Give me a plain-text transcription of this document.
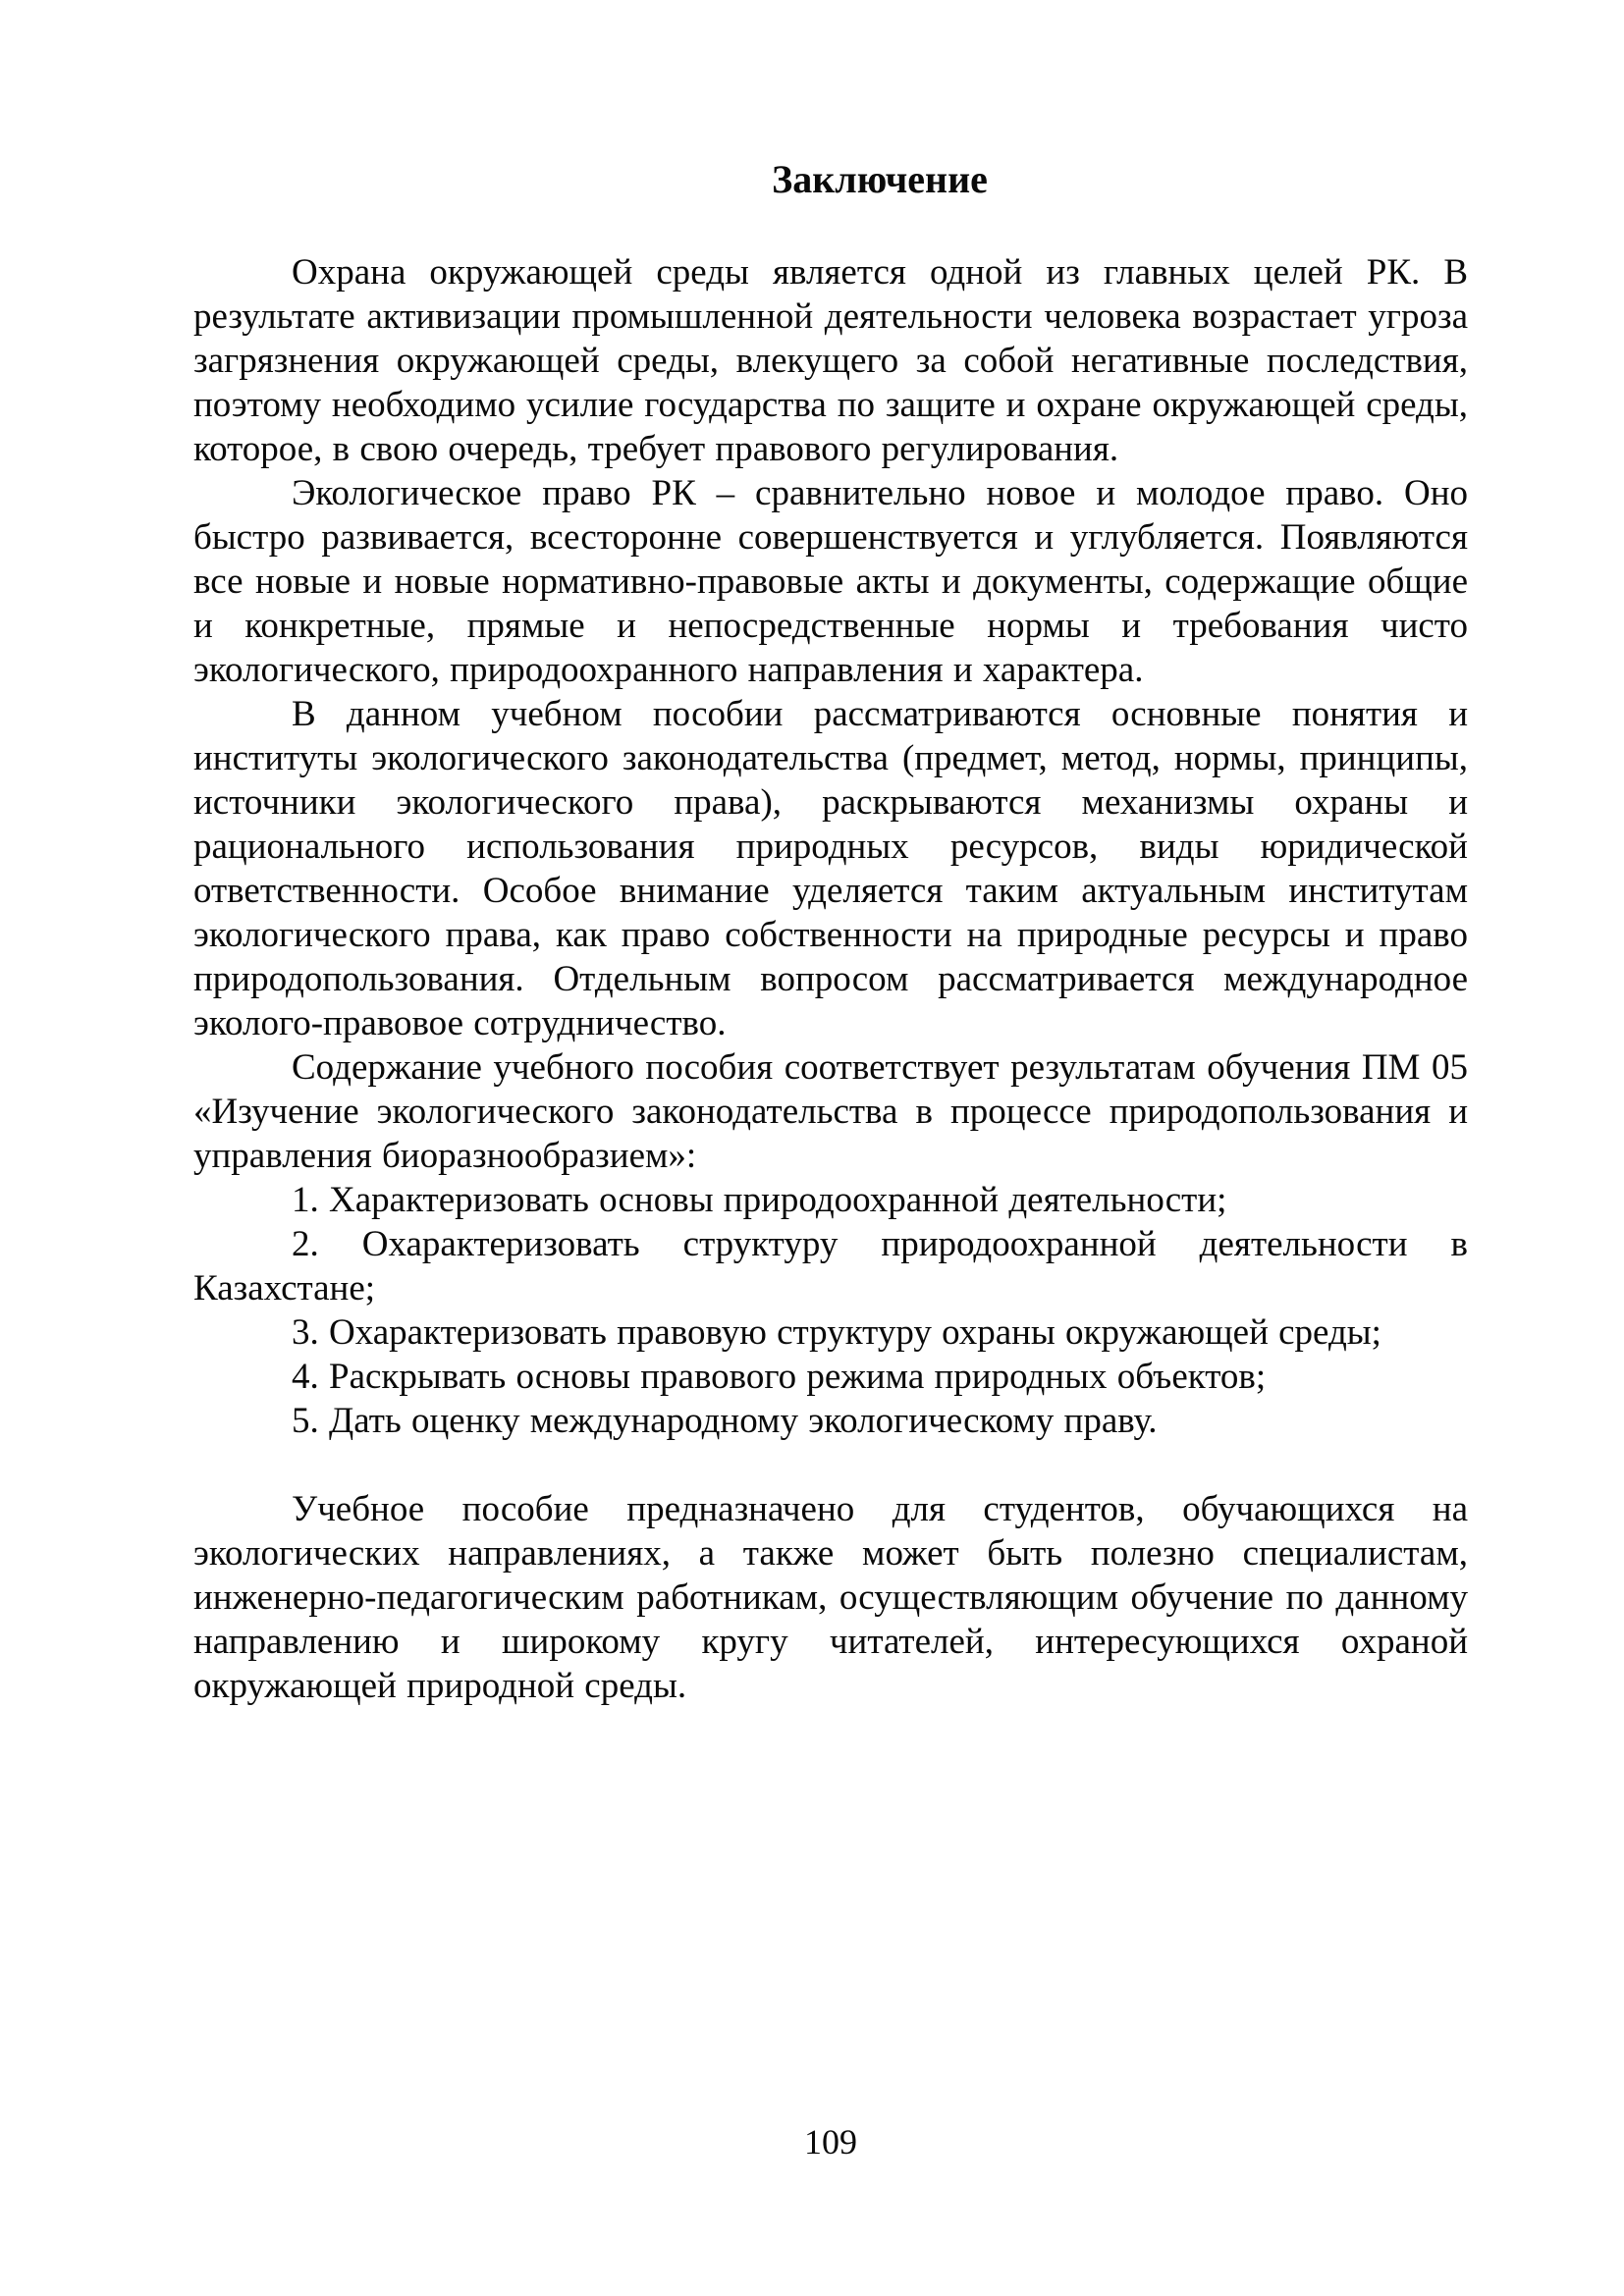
Заключение

Охрана окружающей среды является одной из главных целей РК. В результате активизации промышленной деятельности человека возрастает угроза загрязнения окружающей среды, влекущего за собой негативные последствия, поэтому необходимо усилие государства по защите и охране окружающей среды, которое, в свою очередь, требует правового регулирования.

Экологическое право РК – сравнительно новое и молодое право. Оно быстро развивается, всесторонне совершенствуется и углубляется. Появляются все новые и новые нормативно-правовые акты и документы, содержащие общие и конкретные, прямые и непосредственные нормы и требования чисто экологического, природоохранного направления и характера.

В данном учебном пособии рассматриваются основные понятия и институты экологического законодательства (предмет, метод, нормы, принципы, источники экологического права), раскрываются механизмы охраны и рационального использования природных ресурсов, виды юридической ответственности. Особое внимание уделяется таким актуальным институтам экологического права, как право собственности на природные ресурсы и право природопользования. Отдельным вопросом рассматривается международное эколого-правовое сотрудничество.

Содержание учебного пособия соответствует результатам обучения ПМ 05 «Изучение экологического законодательства в процессе природопользования и управления биоразнообразием»:

1. Характеризовать основы природоохранной деятельности;

2. Охарактеризовать структуру природоохранной деятельности в Казахстане;

3. Охарактеризовать правовую структуру охраны окружающей среды;

4. Раскрывать основы правового режима природных объектов;

5. Дать оценку международному экологическому праву.

Учебное пособие предназначено для студентов, обучающихся на экологических направлениях, а также может быть полезно специалистам, инженерно-педагогическим работникам, осуществляющим обучение по данному направлению и широкому кругу читателей, интересующихся охраной окружающей природной среды.

109
